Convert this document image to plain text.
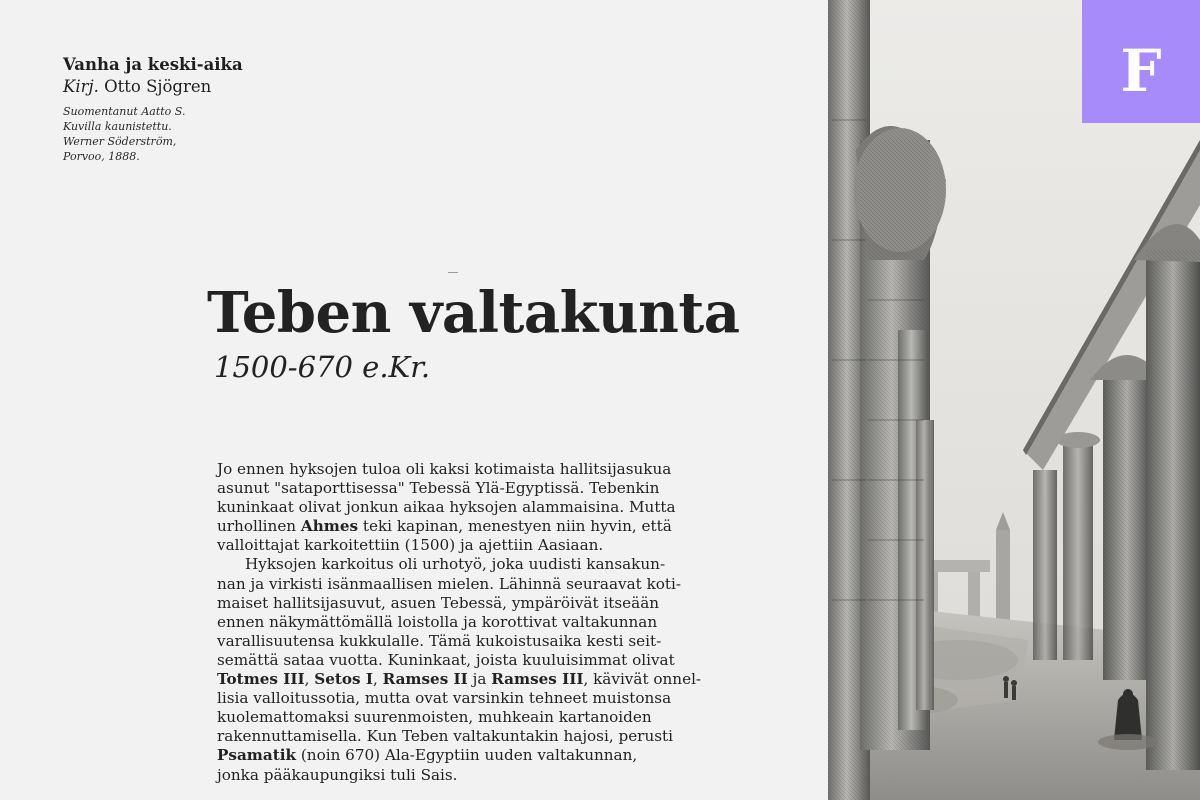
Vanha ja keski-aika
Kirj. Otto Sjögren
Suomentanut Aatto S.
Kuvilla kaunistettu.
Werner Söderström,
Porvoo, 1888.
Teben valtakunta
1500-670 e.Kr.
Jo ennen hyksojen tuloa oli kaksi kotimaista hallitsijasukua
asunut "sataporttisessa" Tebessä Ylä-Egyptissä. Tebenkin
kuninkaat olivat jonkun aikaa hyksojen alammaisina. Mutta
urhollinen Ahmes teki kapinan, menestyen niin hyvin, että
valloittajat karkoitettiin (1500) ja ajettiin Aasiaan.
Hyksojen karkoitus oli urhotyö, joka uudisti kansakun-
nan ja virkisti isänmaallisen mielen. Lähinnä seuraavat koti-
maiset hallitsijasuvut, asuen Tebessä, ympäröivät itseään
ennen näkymättömällä loistolla ja korottivat valtakunnan
varallisuutensa kukkulalle. Tämä kukoistusaika kesti seit-
semättä sataa vuotta. Kuninkaat, joista kuuluisimmat olivat
Totmes III, Setos I, Ramses II ja Ramses III, kävivät onnel-
lisia valloitussotia, mutta ovat varsinkin tehneet muistonsa
kuolemattomaksi suurenmoisten, muhkeain kartanoiden
rakennuttamisella. Kun Teben valtakuntakin hajosi, perusti
Psamatik (noin 670) Ala-Egyptiin uuden valtakunnan,
jonka pääkaupungiksi tuli Sais.
F
